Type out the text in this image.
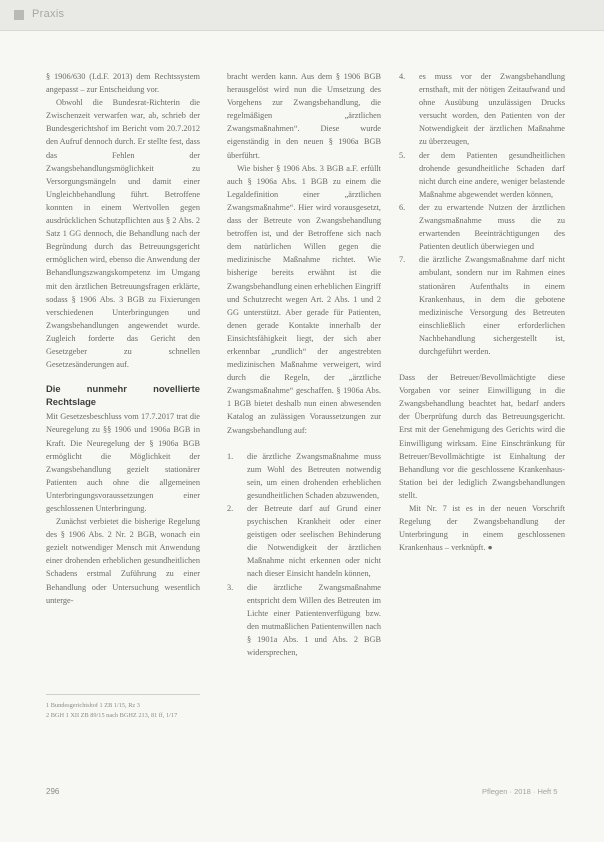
Praxis

§ 1906/630 (I.d.F. 2013) dem Rechtssystem angepasst – zur Entscheidung vor.

Obwohl die Bundesrat-Richterin die Zwischenzeit verwarfen war, ab, schrieb der Bundesgerichtshof im Bericht vom 20.7.2012 den Aufruf dennoch durch. Er stellte fest, dass das Fehlen der Zwangsbehandlungsmöglichkeit zu Versorgungsmängeln und damit einer Ungleichbehandlung führt. Betroffene konnten in einem Wertvollen gegen ausdrücklichen Schutzpflichten aus § 2 Abs. 2 Satz 1 GG dennoch, die Behandlung nach der Begründung durch das Betreuungsgericht ermöglichen wird, ebenso die Anwendung der Behandlungszwangskompetenz im Umgang mit den ärztlichen Betreuungsfragen erklärte, sodass § 1906 Abs. 3 BGB zu Fixierungen verschiedenen Unterbringungen und Zwangsbehandlungen angewendet wurde. Zugleich forderte das Gericht den Gesetzgeber zu schnellen Gesetzesänderungen auf.

Die nunmehr novellierte Rechtslage

Mit Gesetzesbeschluss vom 17.7.2017 trat die Neuregelung zu §§ 1906 und 1906a BGB in Kraft. Die Neuregelung der § 1906a BGB ermöglicht die Möglichkeit der Zwangsbehandlung gezielt stationärer Patienten auch ohne die allgemeinen Unterbringungsvoraussetzungen einer geschlossenen Unterbringung.

Zunächst verbietet die bisherige Regelung des § 1906 Abs. 2 Nr. 2 BGB, wonach ein gezielt notwendiger Mensch mit Anwendung einer drohenden erheblichen gesundheitlichen Schadens erstmal Zuführung zu einer Behandlung oder Untersuchung wesentlich unterge-

1 Bundesgerichtshof 1 ZB 1/15, Rz 3

2 BGH 1 XII ZB 89/15 nach BGHZ 213, 81 ff, 1/17

bracht werden kann. Aus dem § 1906 BGB herausgelöst wird nun die Umsetzung des Vorgehens zur Zwangsbehandlung, die regelmäßigen „ärztlichen Zwangsmaßnahmen“. Diese wurde eigenständig in den neuen § 1906a BGB überführt.

Wie bisher § 1906 Abs. 3 BGB a.F. erfüllt auch § 1906a Abs. 1 BGB zu einem die Legaldefinition einer „ärztlichen Zwangsmaßnahme“. Hier wird vorausgesetzt, dass der Betreute von Zwangsbehandlung betroffen ist, und der Betroffene sich nach dem natürlichen Willen gegen die medizinische Maßnahme richtet. Wie bisherige bereits erwähnt ist die Zwangsbehandlung einen erheblichen Eingriff und Schutzrecht wegen Art. 2 Abs. 1 und 2 GG unterstützt. Aber gerade für Patienten, denen gerade Kontakte innerhalb der Einsichtsfähigkeit liegt, der sich aber erkennbar „rundlich“ der angestrebten medizinischen Maßnahme verweigert, wird durch die Regeln, der „ärztliche Zwangsmaßnahme“ geschaffen. § 1906a Abs. 1 BGB bietet deshalb nun einen abwesenden Katalog an zulässigen Voraussetzungen zur Zwangsbehandlung auf:

1. die ärztliche Zwangsmaßnahme muss zum Wohl des Betreuten notwendig sein, um einen drohenden erheblichen gesundheitlichen Schaden abzuwenden,
2. der Betreute darf auf Grund einer psychischen Krankheit oder einer geistigen oder seelischen Behinderung die Notwendigkeit der ärztlichen Maßnahme nicht erkennen oder nicht nach dieser Einsicht handeln können,
3. die ärztliche Zwangsmaßnahme entspricht dem Willen des Betreuten im Lichte einer Patientenverfügung bzw. den mutmaßlichen Patientenwillen nach § 1901a Abs. 1 und Abs. 2 BGB widersprechen,
4. es muss vor der Zwangsbehandlung ernsthaft, mit der nötigen Zeitaufwand und ohne Ausübung unzulässigen Drucks versucht worden, den Patienten von der Notwendigkeit der ärztlichen Maßnahme zu überzeugen,
5. der dem Patienten gesundheitlichen drohende gesundheitliche Schaden darf nicht durch eine andere, weniger belastende Maßnahme abgewendet werden können,
6. der zu erwartende Nutzen der ärztlichen Zwangsmaßnahme muss die zu erwartenden Beeinträchtigungen des Patienten deutlich überwiegen und
7. die ärztliche Zwangsmaßnahme darf nicht ambulant, sondern nur im Rahmen eines stationären Aufenthalts in einem Krankenhaus, in dem die gebotene medizinische Versorgung des Betreuten einschließlich einer erforderlichen Nachbehandlung sichergestellt ist, durchgeführt werden.

Dass der Betreuer/Bevollmächtigte diese Vorgaben vor seiner Einwilligung in die Zwangsbehandlung beachtet hat, bedarf anders der Überprüfung durch das Betreuungsgericht. Erst mit der Genehmigung des Gerichts wird die Einwilligung wirksam. Eine Einschränkung für Betreuer/Bevollmächtigte ist Einhaltung der Behandlung vor die geschlossene Krankenhaus-Station bei der lediglich Zwangsbehandlungen stellt.

Mit Nr. 7 ist es in der neuen Vorschrift Regelung der Zwangsbehandlung der Unterbringung in einem geschlossenen Krankenhaus – verknüpft. ●

296	Pflegen · 2018 · Heft 5
